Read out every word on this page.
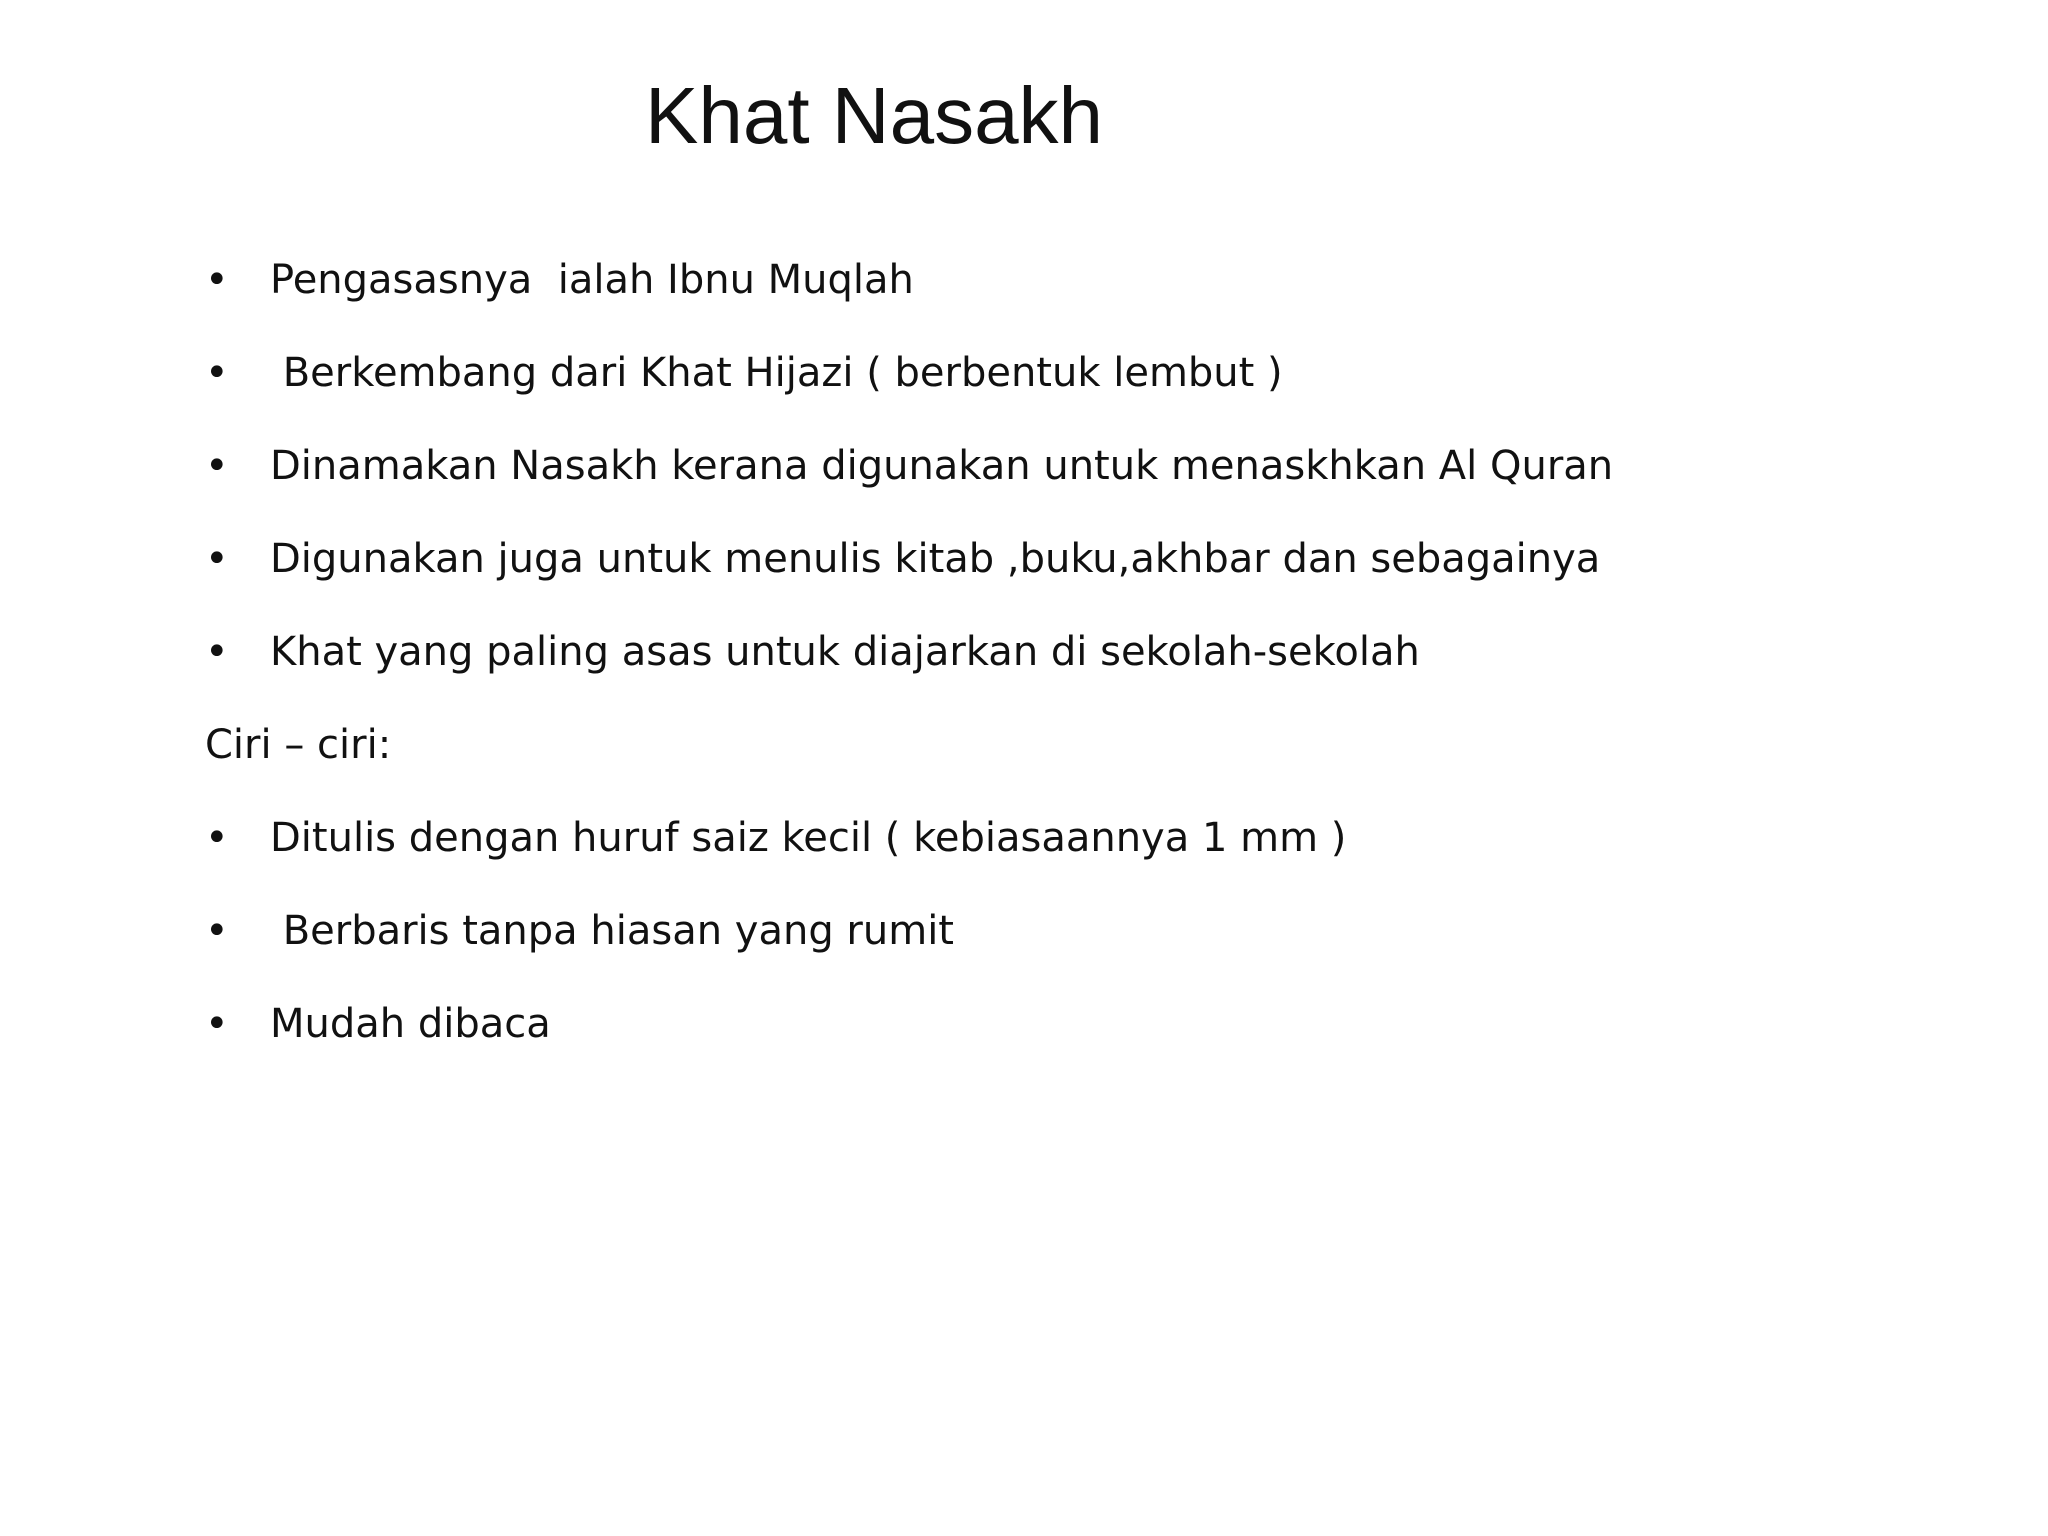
Khat Nasakh
•	Pengasasnya  ialah Ibnu Muqlah
•	Berkembang dari Khat Hijazi ( berbentuk lembut )
•	Dinamakan Nasakh kerana digunakan untuk menaskhkan Al Quran
•	Digunakan juga untuk menulis kitab ,buku,akhbar dan sebagainya
•	Khat yang paling asas untuk diajarkan di sekolah-sekolah
Ciri – ciri:
•	Ditulis dengan huruf saiz kecil ( kebiasaannya 1 mm )
•	Berbaris tanpa hiasan yang rumit
•	Mudah dibaca
